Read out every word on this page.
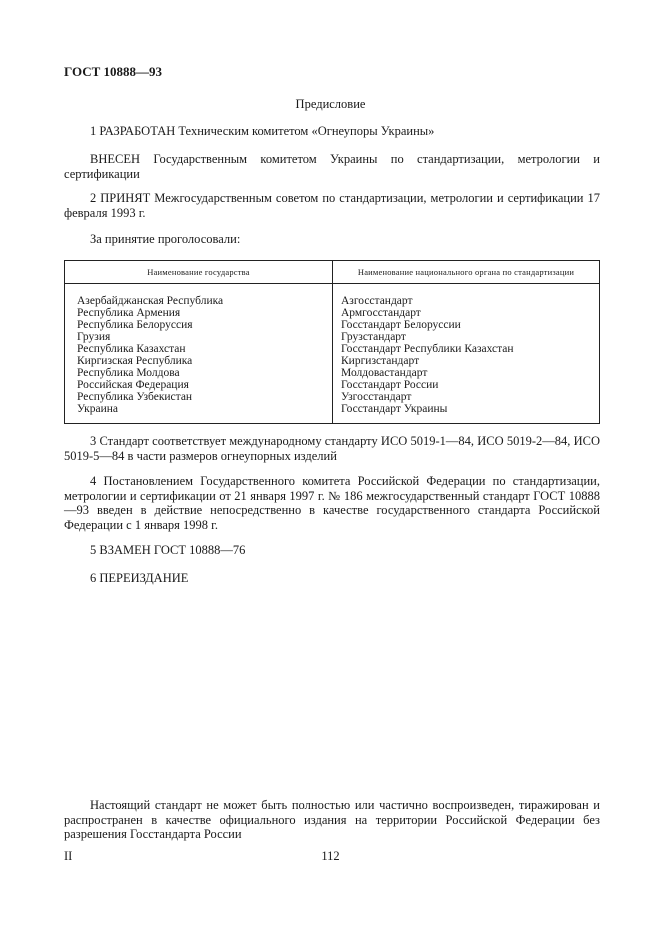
ГОСТ 10888—93
Предисловие

1 РАЗРАБОТАН Техническим комитетом «Огнеупоры Украины»

ВНЕСЕН Государственным комитетом Украины по стандартизации, метрологии и сертификации

2 ПРИНЯТ Межгосударственным советом по стандартизации, метрологии и сертификации 17 февраля 1993 г.

За принятие проголосовали:

Наименование государства	Наименование национального органа по стандартизации
Азербайджанская Республика
Республика Армения
Республика Белоруссия
Грузия
Республика Казахстан
Киргизская Республика
Республика Молдова
Российская Федерация
Республика Узбекистан
Украина
Азгосстандарт
Армгосстандарт
Госстандарт Белоруссии
Грузстандарт
Госстандарт Республики Казахстан
Киргизстандарт
Молдовастандарт
Госстандарт России
Узгосстандарт
Госстандарт Украины

3 Стандарт соответствует международному стандарту ИСО 5019-1—84, ИСО 5019-2—84, ИСО 5019-5—84 в части размеров огнеупорных изделий

4 Постановлением Государственного комитета Российской Федерации по стандартизации, метрологии и сертификации от 21 января 1997 г. № 186 межгосударственный стандарт ГОСТ 10888—93 введен в действие непосредственно в качестве государственного стандарта Российской Федерации с 1 января 1998 г.

5 ВЗАМЕН ГОСТ 10888—76

6 ПЕРЕИЗДАНИЕ

Настоящий стандарт не может быть полностью или частично воспроизведен, тиражирован и распространен в качестве официального издания на территории Российской Федерации без разрешения Госстандарта России

II	112
